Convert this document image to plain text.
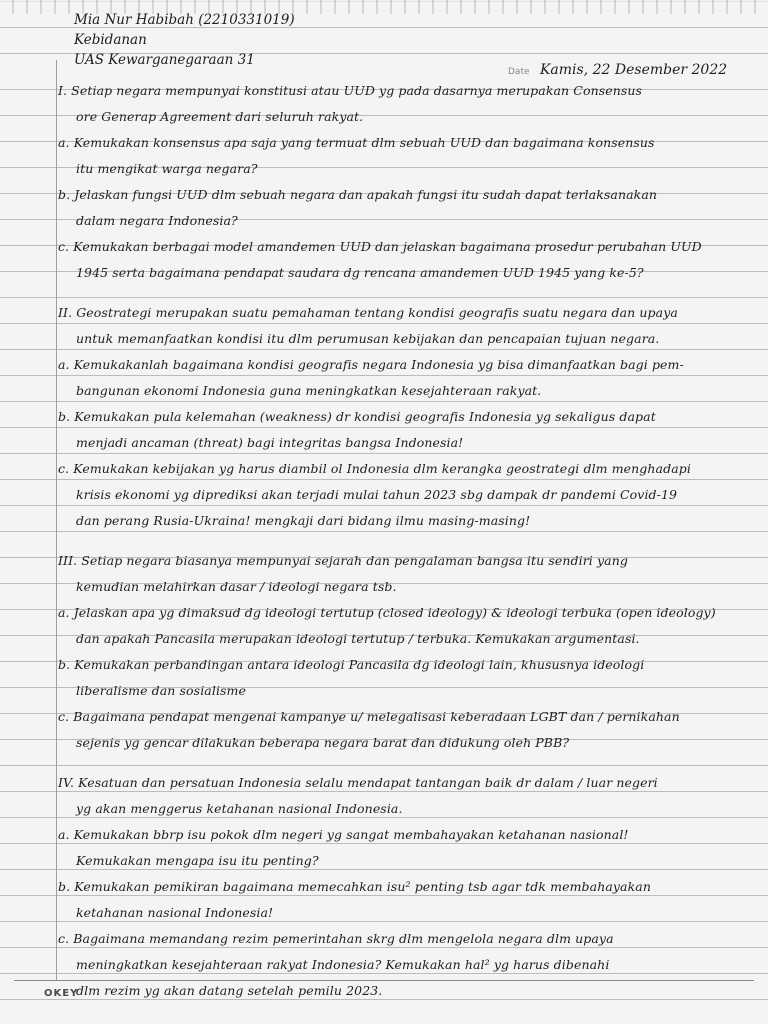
Mia Nur Habibah (2210331019)
Kebidanan
UAS Kewarganegaraan 31
Date Kamis, 22 Desember 2022
I. Setiap negara mempunyai konstitusi atau UUD yg pada dasarnya merupakan Consensus
ore Generap Agreement dari seluruh rakyat.
a. Kemukakan konsensus apa saja yang termuat dlm sebuah UUD dan bagaimana konsensus
itu mengikat warga negara?
b. Jelaskan fungsi UUD dlm sebuah negara dan apakah fungsi itu sudah dapat terlaksanakan
dalam negara Indonesia?
c. Kemukakan berbagai model amandemen UUD dan jelaskan bagaimana prosedur perubahan UUD
1945 serta bagaimana pendapat saudara dg rencana amandemen UUD 1945 yang ke-5?
II. Geostrategi merupakan suatu pemahaman tentang kondisi geografis suatu negara dan upaya
untuk memanfaatkan kondisi itu dlm perumusan kebijakan dan pencapaian tujuan negara.
a. Kemukakanlah bagaimana kondisi geografis negara Indonesia yg bisa dimanfaatkan bagi pem-
bangunan ekonomi Indonesia guna meningkatkan kesejahteraan rakyat.
b. Kemukakan pula kelemahan (weakness) dr kondisi geografis Indonesia yg sekaligus dapat
menjadi ancaman (threat) bagi integritas bangsa Indonesia!
c. Kemukakan kebijakan yg harus diambil ol Indonesia dlm kerangka geostrategi dlm menghadapi
krisis ekonomi yg diprediksi akan terjadi mulai tahun 2023 sbg dampak dr pandemi Covid-19
dan perang Rusia-Ukraina! mengkaji dari bidang ilmu masing-masing!
III. Setiap negara biasanya mempunyai sejarah dan pengalaman bangsa itu sendiri yang
kemudian melahirkan dasar / ideologi negara tsb.
a. Jelaskan apa yg dimaksud dg ideologi tertutup (closed ideology) & ideologi terbuka (open ideology)
dan apakah Pancasila merupakan ideologi tertutup / terbuka. Kemukakan argumentasi.
b. Kemukakan perbandingan antara ideologi Pancasila dg ideologi lain, khususnya ideologi
liberalisme dan sosialisme
c. Bagaimana pendapat mengenai kampanye u/ melegalisasi keberadaan LGBT dan / pernikahan
sejenis yg gencar dilakukan beberapa negara barat dan didukung oleh PBB?
IV. Kesatuan dan persatuan Indonesia selalu mendapat tantangan baik dr dalam / luar negeri
yg akan menggerus ketahanan nasional Indonesia.
a. Kemukakan bbrp isu pokok dlm negeri yg sangat membahayakan ketahanan nasional!
Kemukakan mengapa isu itu penting?
b. Kemukakan pemikiran bagaimana memecahkan isu² penting tsb agar tdk membahayakan
ketahanan nasional Indonesia!
c. Bagaimana memandang rezim pemerintahan skrg dlm mengelola negara dlm upaya
meningkatkan kesejahteraan rakyat Indonesia? Kemukakan hal² yg harus dibenahi
dlm rezim yg akan datang setelah pemilu 2023.
OKEY
